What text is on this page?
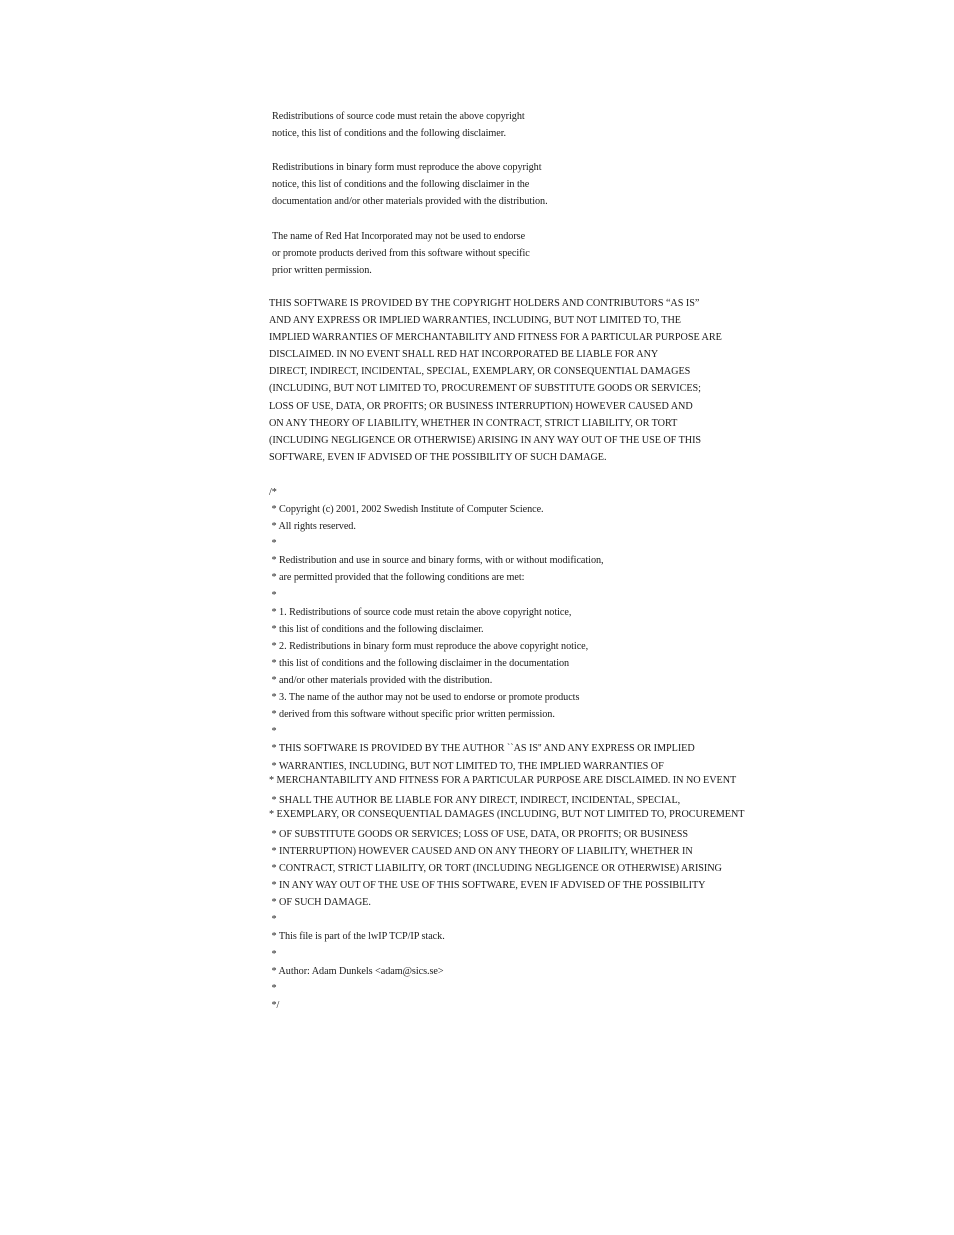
Redistributions of source code must retain the above copyright
notice, this list of conditions and the following disclaimer.
Redistributions in binary form must reproduce the above copyright
notice, this list of conditions and the following disclaimer in the
documentation and/or other materials provided with the distribution.
The name of Red Hat Incorporated may not be used to endorse
or promote products derived from this software without specific
prior written permission.
THIS SOFTWARE IS PROVIDED BY THE COPYRIGHT HOLDERS AND CONTRIBUTORS “AS IS”
AND ANY EXPRESS OR IMPLIED WARRANTIES, INCLUDING, BUT NOT LIMITED TO, THE
IMPLIED WARRANTIES OF MERCHANTABILITY AND FITNESS FOR A PARTICULAR PURPOSE ARE
DISCLAIMED. IN NO EVENT SHALL RED HAT INCORPORATED BE LIABLE FOR ANY
DIRECT, INDIRECT, INCIDENTAL, SPECIAL, EXEMPLARY, OR CONSEQUENTIAL DAMAGES
(INCLUDING, BUT NOT LIMITED TO, PROCUREMENT OF SUBSTITUTE GOODS OR SERVICES;
LOSS OF USE, DATA, OR PROFITS; OR BUSINESS INTERRUPTION) HOWEVER CAUSED AND
ON ANY THEORY OF LIABILITY, WHETHER IN CONTRACT, STRICT LIABILITY, OR TORT
(INCLUDING NEGLIGENCE OR OTHERWISE) ARISING IN ANY WAY OUT OF THE USE OF THIS
SOFTWARE, EVEN IF ADVISED OF THE POSSIBILITY OF SUCH DAMAGE.
/*
* Copyright (c) 2001, 2002 Swedish Institute of Computer Science.
* All rights reserved.
*
* Redistribution and use in source and binary forms, with or without modification,
* are permitted provided that the following conditions are met:
*
* 1. Redistributions of source code must retain the above copyright notice,
* this list of conditions and the following disclaimer.
* 2. Redistributions in binary form must reproduce the above copyright notice,
* this list of conditions and the following disclaimer in the documentation
* and/or other materials provided with the distribution.
* 3. The name of the author may not be used to endorse or promote products
* derived from this software without specific prior written permission.
*
* THIS SOFTWARE IS PROVIDED BY THE AUTHOR ``AS IS'' AND ANY EXPRESS OR IMPLIED
* WARRANTIES, INCLUDING, BUT NOT LIMITED TO, THE IMPLIED WARRANTIES OF
* MERCHANTABILITY AND FITNESS FOR A PARTICULAR PURPOSE ARE DISCLAIMED. IN NO EVENT
* SHALL THE AUTHOR BE LIABLE FOR ANY DIRECT, INDIRECT, INCIDENTAL, SPECIAL,
* EXEMPLARY, OR CONSEQUENTIAL DAMAGES (INCLUDING, BUT NOT LIMITED TO, PROCUREMENT
* OF SUBSTITUTE GOODS OR SERVICES; LOSS OF USE, DATA, OR PROFITS; OR BUSINESS
* INTERRUPTION) HOWEVER CAUSED AND ON ANY THEORY OF LIABILITY, WHETHER IN
* CONTRACT, STRICT LIABILITY, OR TORT (INCLUDING NEGLIGENCE OR OTHERWISE) ARISING
* IN ANY WAY OUT OF THE USE OF THIS SOFTWARE, EVEN IF ADVISED OF THE POSSIBILITY
* OF SUCH DAMAGE.
*
* This file is part of the lwIP TCP/IP stack.
*
* Author: Adam Dunkels <adam@sics.se>
*
*/
